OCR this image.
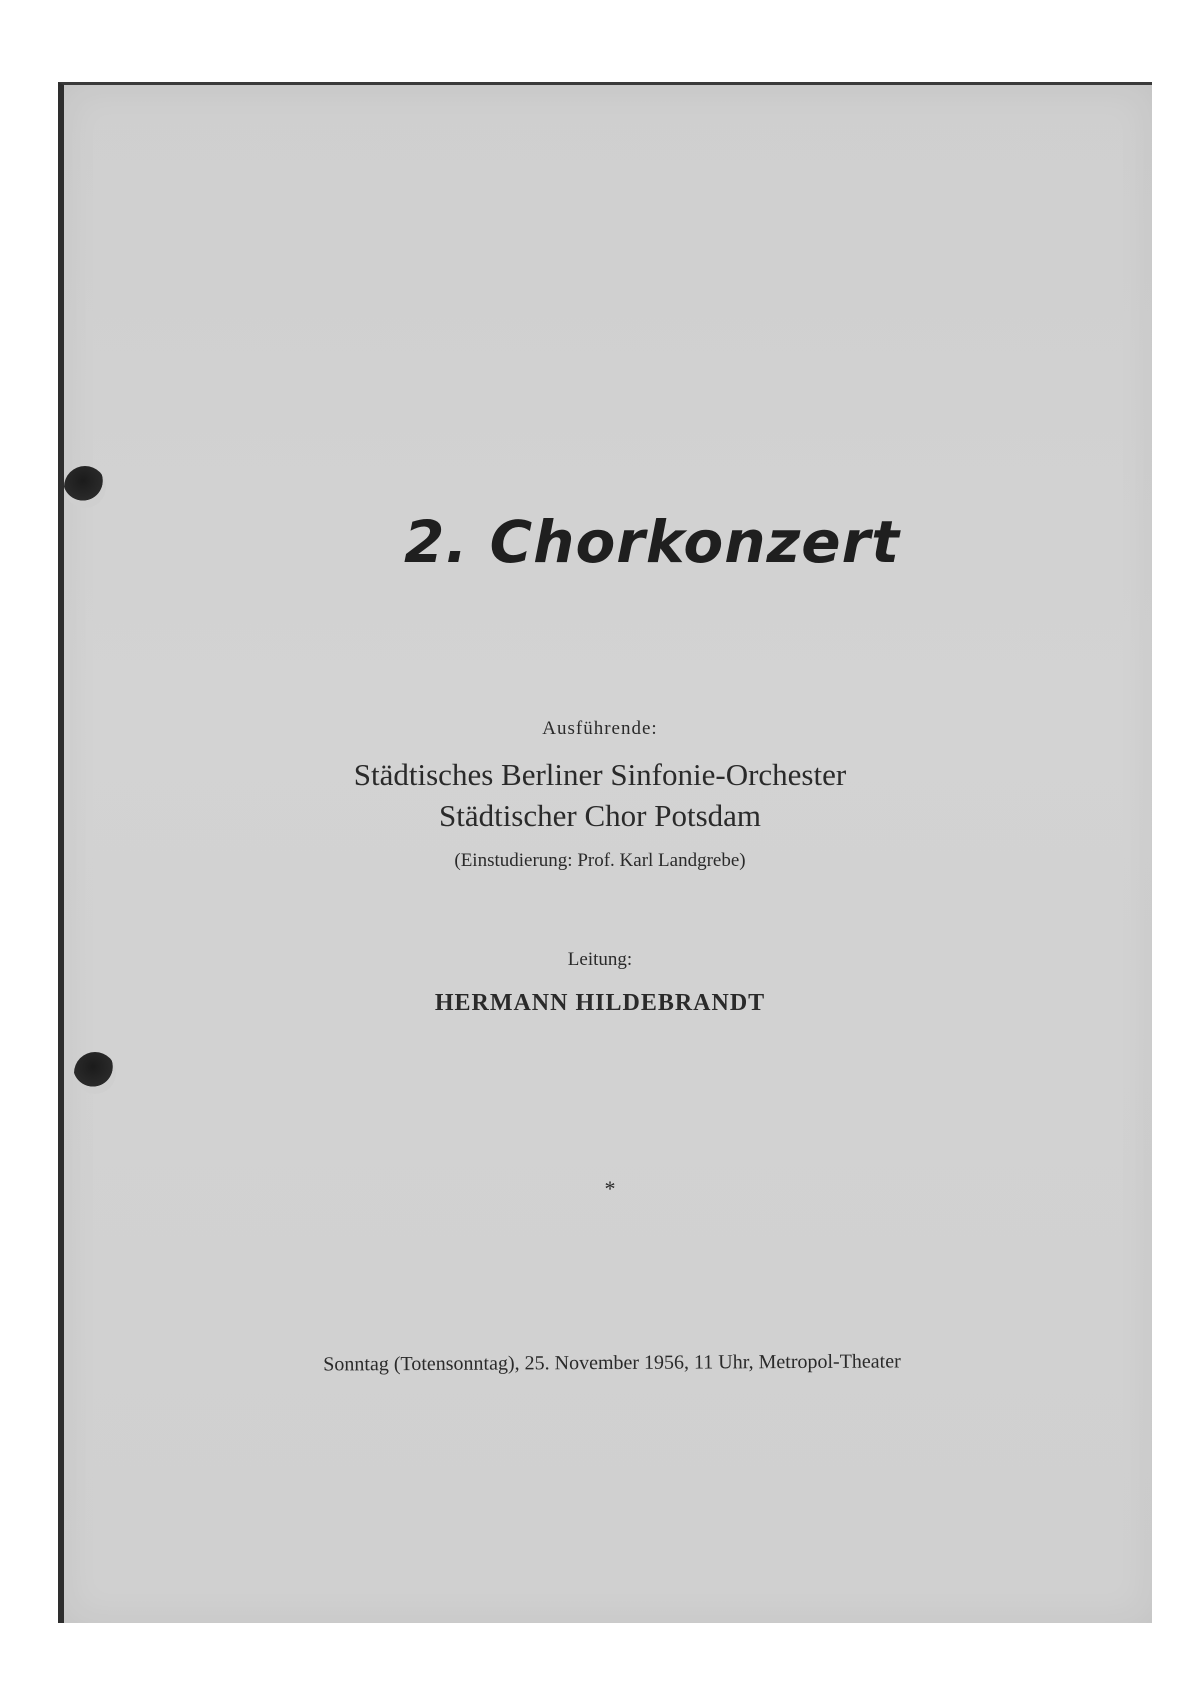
2. Chorkonzert
Ausführende:
Städtisches Berliner Sinfonie-Orchester
Städtischer Chor Potsdam
(Einstudierung: Prof. Karl Landgrebe)
Leitung:
HERMANN HILDEBRANDT
*
Sonntag (Totensonntag), 25. November 1956, 11 Uhr, Metropol-Theater
